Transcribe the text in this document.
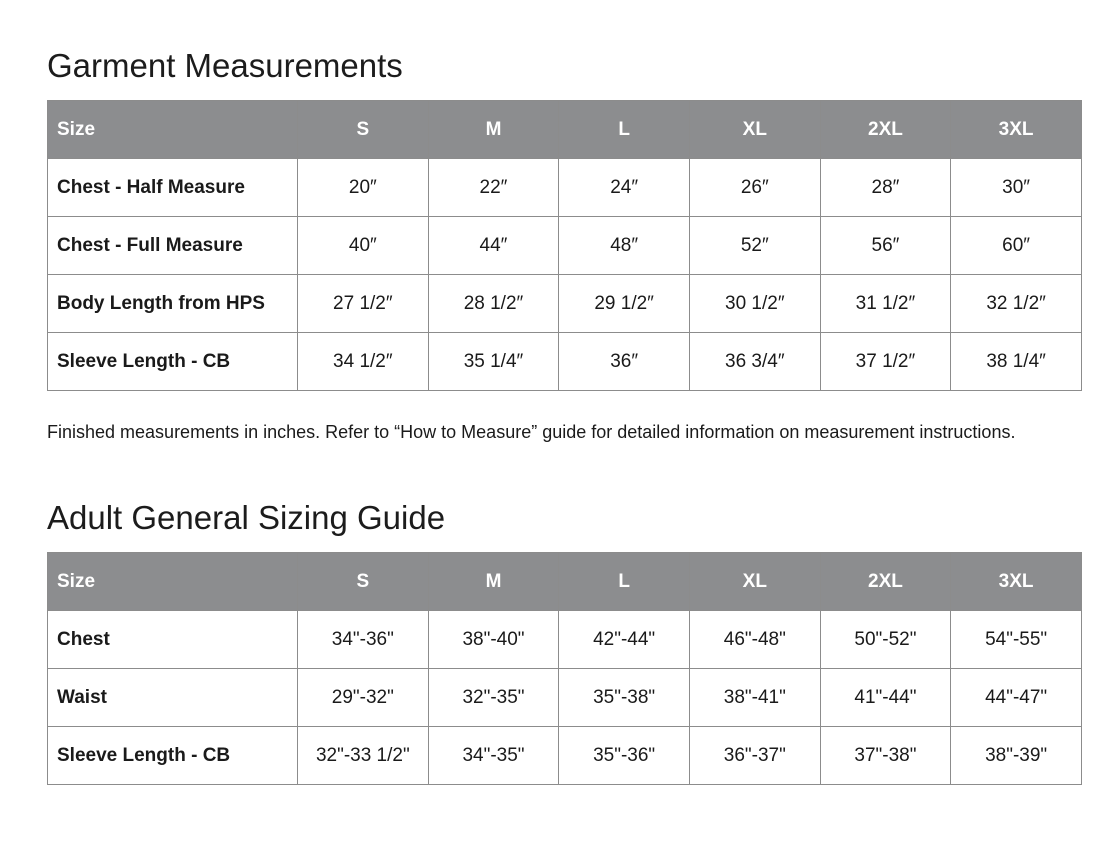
Garment Measurements
Size	S	M	L	XL	2XL	3XL
Chest - Half Measure	20″	22″	24″	26″	28″	30″
Chest - Full Measure	40″	44″	48″	52″	56″	60″
Body Length from HPS	27 1/2″	28 1/2″	29 1/2″	30 1/2″	31 1/2″	32 1/2″
Sleeve Length - CB	34 1/2″	35 1/4″	36″	36 3/4″	37 1/2″	38 1/4″

Finished measurements in inches. Refer to “How to Measure” guide for detailed information on measurement instructions.

Adult General Sizing Guide
Size	S	M	L	XL	2XL	3XL
Chest	34"-36"	38"-40"	42"-44"	46"-48"	50"-52"	54"-55"
Waist	29"-32"	32"-35"	35"-38"	38"-41"	41"-44"	44"-47"
Sleeve Length - CB	32"-33 1/2"	34"-35"	35"-36"	36"-37"	37"-38"	38"-39"
